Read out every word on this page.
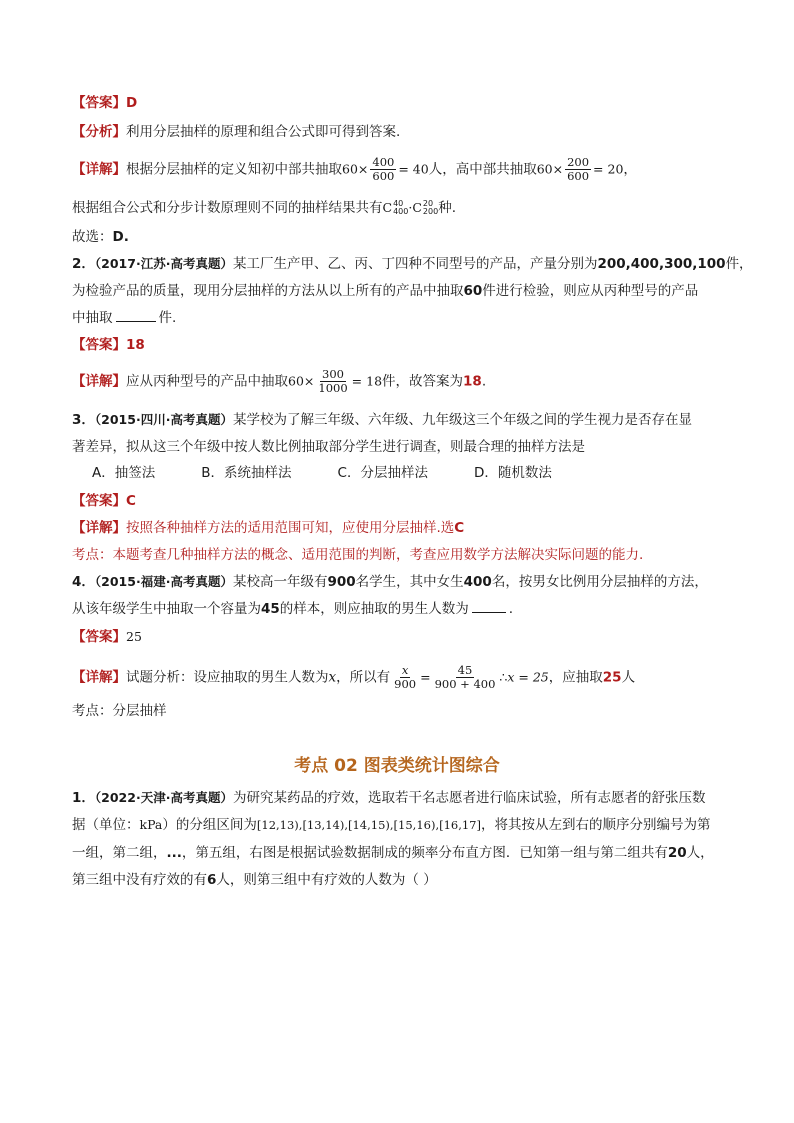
【答案】D
【分析】利用分层抽样的原理和组合公式即可得到答案.
【详解】根据分层抽样的定义知初中部共抽取$60\times \frac{400}{600} = 40$人，高中部共抽取$60\times \frac{200}{600} = 20$，
根据组合公式和分步计数原理则不同的抽样结果共有C 40
400 ·C 20
200 种.
故选：D.
2．（2017·江苏·高考真题）某工厂生产甲、乙、丙、丁四种不同型号的产品，产量分别为200,400,300,100件，
为检验产品的质量，现用分层抽样的方法从以上所有的产品中抽取60件进行检验，则应从丙种型号的产品
中抽取	件.
【答案】18
【详解】应从丙种型号的产品中抽取$60\times \frac{300}{1000} = 18$件，故答案为18.
3．（2015·四川·高考真题）某学校为了解三年级、六年级、九年级这三个年级之间的学生视力是否存在显
著差异，拟从这三个年级中按人数比例抽取部分学生进行调查，则最合理的抽样方法是
A．抽签法	B．系统抽样法	C．分层抽样法	D．随机数法
【答案】C
【详解】按照各种抽样方法的适用范围可知，应使用分层抽样.选C
考点：本题考查几种抽样方法的概念、适用范围的判断，考查应用数学方法解决实际问题的能力.
4．（2015·福建·高考真题）某校高一年级有900名学生，其中女生400名，按男女比例用分层抽样的方法，
从该年级学生中抽取一个容量为45的样本，则应抽取的男生人数为	.
【答案】25
【详解】试题分析：设应抽取的男生人数为x，所以有 $\frac{x}{900} = \frac{45}{900 + 400}$ ∴x = 25，应抽取25人
考点：分层抽样
考点 02 图表类统计图综合
1．（2022·天津·高考真题）为研究某药品的疗效，选取若干名志愿者进行临床试验，所有志愿者的舒张压数
据（单位：kPa）的分组区间为[12,13),[13,14),[14,15),[15,16),[16,17]，将其按从左到右的顺序分别编号为第
一组，第二组，...，第五组，右图是根据试验数据制成的频率分布直方图．已知第一组与第二组共有20人，
第三组中没有疗效的有6人，则第三组中有疗效的人数为（ ）
